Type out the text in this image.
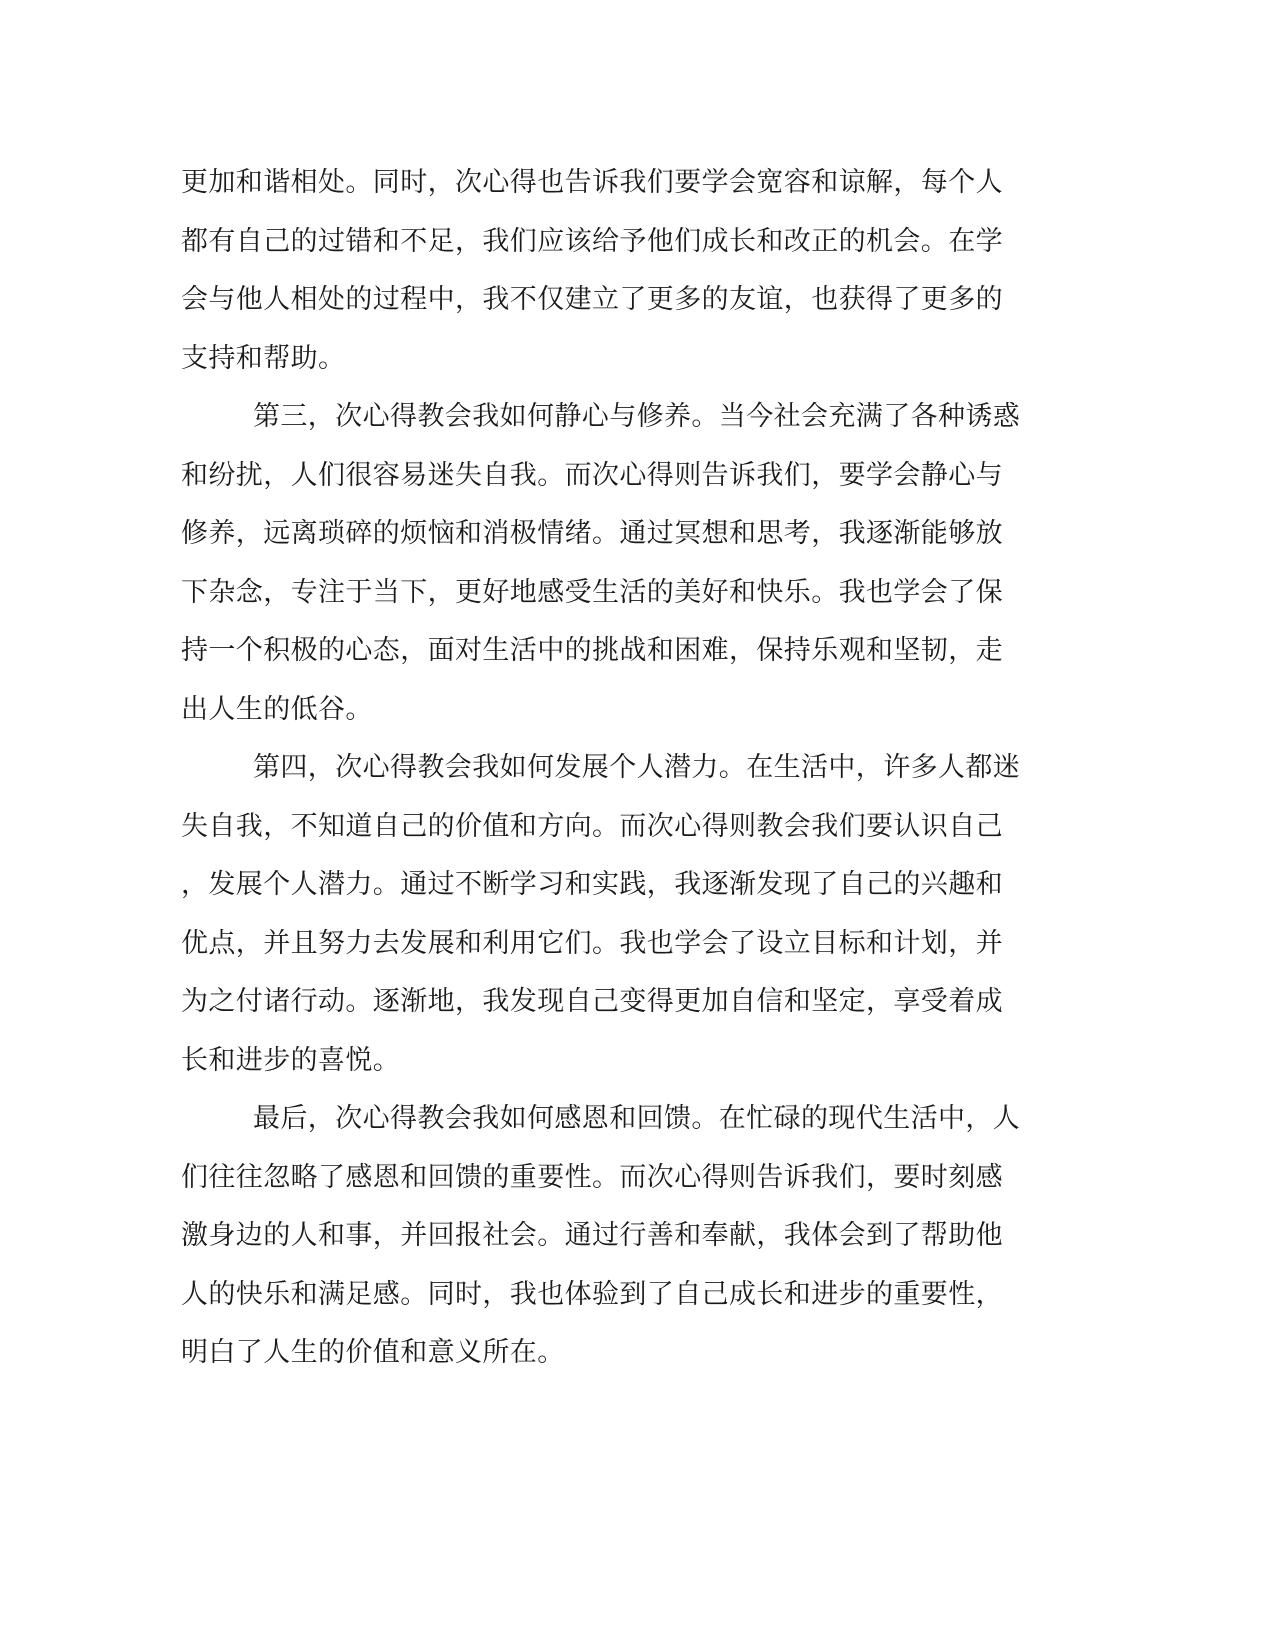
更加和谐相处。同时，次心得也告诉我们要学会宽容和谅解，每个人
都有自己的过错和不足，我们应该给予他们成长和改正的机会。在学
会与他人相处的过程中，我不仅建立了更多的友谊，也获得了更多的
支持和帮助。
第三，次心得教会我如何静心与修养。当今社会充满了各种诱惑
和纷扰，人们很容易迷失自我。而次心得则告诉我们，要学会静心与
修养，远离琐碎的烦恼和消极情绪。通过冥想和思考，我逐渐能够放
下杂念，专注于当下，更好地感受生活的美好和快乐。我也学会了保
持一个积极的心态，面对生活中的挑战和困难，保持乐观和坚韧，走
出人生的低谷。
第四，次心得教会我如何发展个人潜力。在生活中，许多人都迷
失自我，不知道自己的价值和方向。而次心得则教会我们要认识自己
，发展个人潜力。通过不断学习和实践，我逐渐发现了自己的兴趣和
优点，并且努力去发展和利用它们。我也学会了设立目标和计划，并
为之付诸行动。逐渐地，我发现自己变得更加自信和坚定，享受着成
长和进步的喜悦。
最后，次心得教会我如何感恩和回馈。在忙碌的现代生活中，人
们往往忽略了感恩和回馈的重要性。而次心得则告诉我们，要时刻感
激身边的人和事，并回报社会。通过行善和奉献，我体会到了帮助他
人的快乐和满足感。同时，我也体验到了自己成长和进步的重要性，
明白了人生的价值和意义所在。
